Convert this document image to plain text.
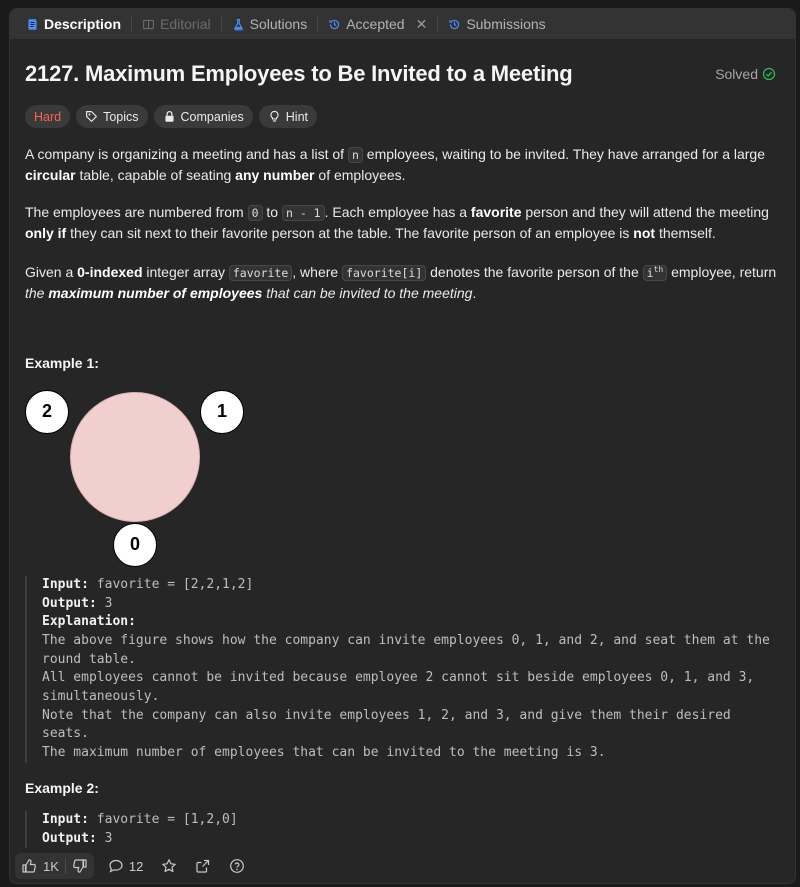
Description	Editorial	Solutions	Accepted ✕	Submissions
2127. Maximum Employees to Be Invited to a Meeting	Solved
Hard	Topics	Companies	Hint

A company is organizing a meeting and has a list of n employees, waiting to be invited. They have arranged for a large circular table, capable of seating any number of employees.

The employees are numbered from 0 to n - 1 . Each employee has a favorite person and they will attend the meeting only if they can sit next to their favorite person at the table. The favorite person of an employee is not themself.

Given a 0-indexed integer array favorite , where favorite[i] denotes the favorite person of the $i^{th}$ employee, return the maximum number of employees that can be invited to the meeting.

Example 1:
2	1
0
Input: favorite = [2,2,1,2]
Output: 3
Explanation:
The above figure shows how the company can invite employees 0, 1, and 2, and seat them at the round table.
All employees cannot be invited because employee 2 cannot sit beside employees 0, 1, and 3, simultaneously.
Note that the company can also invite employees 1, 2, and 3, and give them their desired seats.
The maximum number of employees that can be invited to the meeting is 3.
Example 2:
Input: favorite = [1,2,0]
Output: 3
1K	12
